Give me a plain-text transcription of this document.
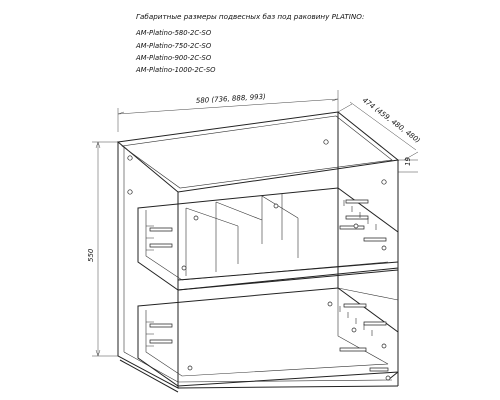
Габаритные размеры подвесных баз под раковину PLATINO:
AM-Platino-580-2C-SO
AM-Platino-750-2C-SO
AM-Platino-900-2C-SO
AM-Platino-1000-2C-SO
580 (736, 888, 993)	474 (459, 480, 480)
19
550
